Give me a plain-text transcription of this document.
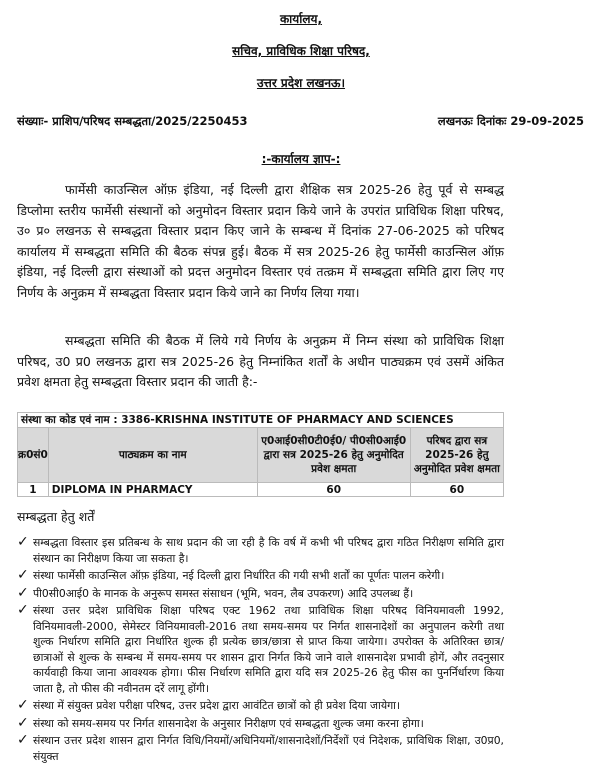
कार्यालय,
सचिव, प्राविधिक शिक्षा परिषद,
उत्तर प्रदेश लखनऊ।
संख्याः- प्राशिप/परिषद सम्बद्धता/2025/2250453	लखनऊः दिनांकः 29-09-2025
:-कार्यालय ज्ञाप-:
फार्मेसी काउन्सिल ऑफ़ इंडिया, नई दिल्ली द्वारा शैक्षिक सत्र 2025-26 हेतु पूर्व से सम्बद्ध डिप्लोमा स्तरीय फार्मेसी संस्थानों को अनुमोदन विस्तार प्रदान किये जाने के उपरांत प्राविधिक शिक्षा परिषद, उ० प्र० लखनऊ से सम्बद्धता विस्तार प्रदान किए जाने के सम्बन्ध में दिनांक 27-06-2025 को परिषद कार्यालय में सम्बद्धता समिति की बैठक संपन्न हुई। बैठक में सत्र 2025-26 हेतु फार्मेसी काउन्सिल ऑफ़ इंडिया, नई दिल्ली द्वारा संस्थाओं को प्रदत्त अनुमोदन विस्तार एवं तत्क्रम में सम्बद्धता समिति द्वारा लिए गए निर्णय के अनुक्रम में सम्बद्धता विस्तार प्रदान किये जाने का निर्णय लिया गया।
सम्बद्धता समिति की बैठक में लिये गये निर्णय के अनुक्रम में निम्न संस्था को प्राविधिक शिक्षा परिषद, उ0 प्र0 लखनऊ द्वारा सत्र 2025-26 हेतु निम्नांकित शर्तों के अधीन पाठ्यक्रम एवं उसमें अंकित प्रवेश क्षमता हेतु सम्बद्धता विस्तार प्रदान की जाती है:-
संस्था का कोड एवं नाम : 3386-KRISHNA INSTITUTE OF PHARMACY AND SCIENCES			
क्र0सं0	पाठ्यक्रम का नाम	ए0आई0सी0टी0ई0/ पी0सी0आई0 द्वारा सत्र 2025-26 हेतु अनुमोदित प्रवेश क्षमता	परिषद द्वारा सत्र 2025-26 हेतु अनुमोदित प्रवेश क्षमता
1	DIPLOMA IN PHARMACY	60	60
सम्बद्धता हेतु शर्तें
✓ सम्बद्धता विस्तार इस प्रतिबन्ध के साथ प्रदान की जा रही है कि वर्ष में कभी भी परिषद द्वारा गठित निरीक्षण समिति द्वारा संस्थान का निरीक्षण किया जा सकता है।
✓ संस्था फार्मेसी काउन्सिल ऑफ़ इंडिया, नई दिल्ली द्वारा निर्धारित की गयी सभी शर्तों का पूर्णतः पालन करेगी।
✓ पी0सी0आई0 के मानक के अनुरूप समस्त संसाधन (भूमि, भवन, लैब उपकरण) आदि उपलब्ध हैं।
✓ संस्था उत्तर प्रदेश प्राविधिक शिक्षा परिषद एक्ट 1962 तथा प्राविधिक शिक्षा परिषद विनियमावली 1992, विनियमावली-2000, सेमेस्टर विनियमावली-2016 तथा समय-समय पर निर्गत शासनादेशों का अनुपालन करेगी तथा शुल्क निर्धारण समिति द्वारा निर्धारित शुल्क ही प्रत्येक छात्र/छात्रा से प्राप्त किया जायेगा। उपरोक्त के अतिरिक्त छात्र/छात्राओं से शुल्क के सम्बन्ध में समय-समय पर शासन द्वारा निर्गत किये जाने वाले शासनादेश प्रभावी होगें, और तदनुसार कार्यवाही किया जाना आवश्यक होगा। फीस निर्धारण समिति द्वारा यदि सत्र 2025-26 हेतु फीस का पुनर्निर्धारण किया जाता है, तो फीस की नवीनतम दरें लागू होंगी।
✓ संस्था में संयुक्त प्रवेश परीक्षा परिषद, उत्तर प्रदेश द्वारा आवंटित छात्रों को ही प्रवेश दिया जायेगा।
✓ संस्था को समय-समय पर निर्गत शासनादेश के अनुसार निरीक्षण एवं सम्बद्धता शुल्क जमा करना होगा।
✓ संस्थान उत्तर प्रदेश शासन द्वारा निर्गत विधि/नियमों/अधिनियमों/शासनादेशों/निर्देशों एवं निदेशक, प्राविधिक शिक्षा, उ0प्र0, संयुक्त
